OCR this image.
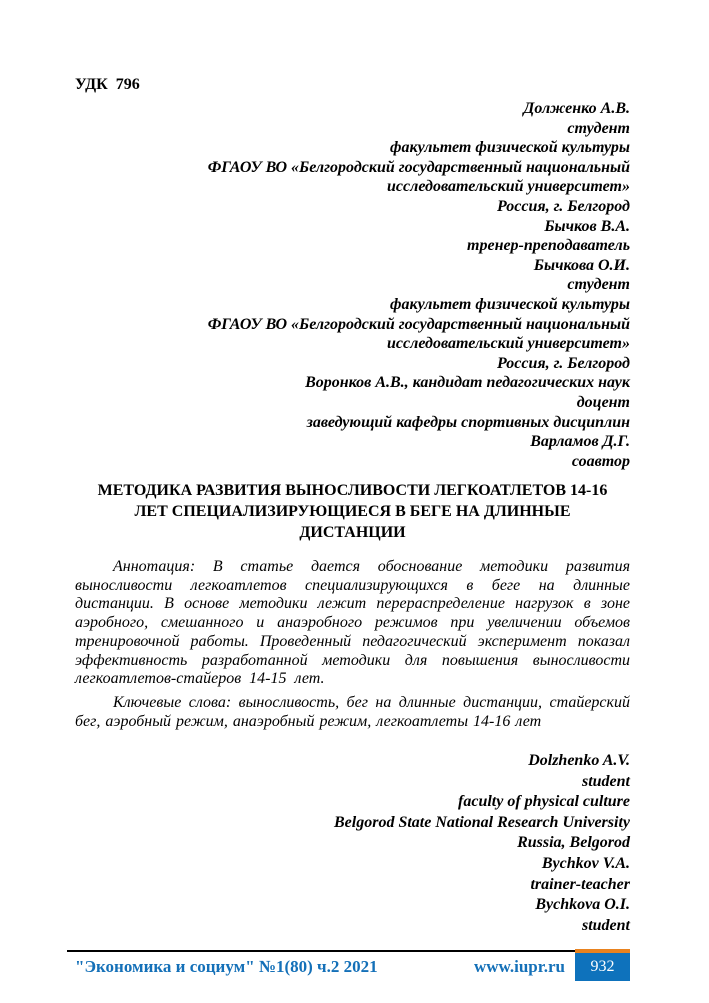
УДК  796
Долженко А.В.
студент
факультет физической культуры
ФГАОУ ВО «Белгородский государственный национальный
исследовательский университет»
Россия, г. Белгород
Бычков В.А.
тренер-преподаватель
Бычкова О.И.
студент
факультет физической культуры
ФГАОУ ВО «Белгородский государственный национальный
исследовательский университет»
Россия, г. Белгород
Воронков А.В., кандидат педагогических наук
доцент
заведующий кафедры спортивных дисциплин
Варламов Д.Г.
соавтор
МЕТОДИКА РАЗВИТИЯ ВЫНОСЛИВОСТИ ЛЕГКОАТЛЕТОВ 14-16
ЛЕТ СПЕЦИАЛИЗИРУЮЩИЕСЯ В БЕГЕ НА ДЛИННЫЕ
ДИСТАНЦИИ

Аннотация: В статье дается обоснование методики развития выносливости легкоатлетов специализирующихся в беге на длинные дистанции. В основе методики лежит перераспределение нагрузок в зоне аэробного, смешанного и анаэробного режимов при увеличении объемов тренировочной работы. Проведенный педагогический эксперимент показал эффективность разработанной методики для повышения выносливости легкоатлетов-стайеров 14-15 лет.

Ключевые слова: выносливость, бег на длинные дистанции, стайерский бег, аэробный режим, анаэробный режим, легкоатлеты 14-16 лет

Dolzhenko A.V.
student
faculty of physical culture
Belgorod State National Research University
Russia, Belgorod
Bychkov V.A.
trainer-teacher
Bychkova O.I.
student
"Экономика и социум" №1(80) ч.2 2021	www.iupr.ru 932
